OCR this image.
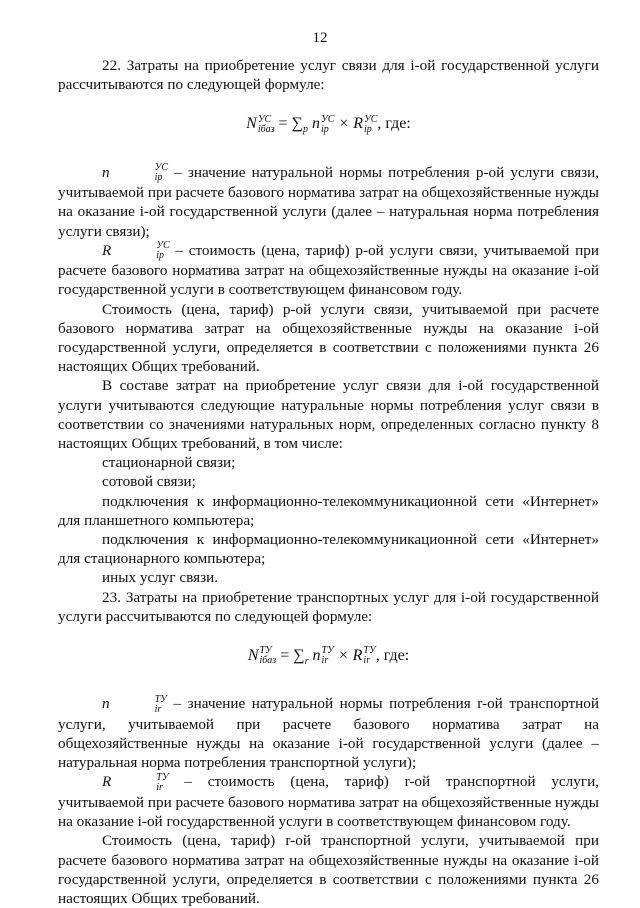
12

22. Затраты на приобретение услуг связи для i-ой государственной услуги рассчитываются по следующей формуле:

N УС
iбаз = $\sum_p$ n УС
ip × R УС
ip , где:

n	УС
ip – значение натуральной нормы потребления p-ой услуги связи, учитываемой при расчете базового норматива затрат на общехозяйственные нужды на оказание i-ой государственной услуги (далее – натуральная норма потребления услуги связи);

R	УС
ip – стоимость (цена, тариф) p-ой услуги связи, учитываемой при расчете базового норматива затрат на общехозяйственные нужды на оказание i-ой государственной услуги в соответствующем финансовом году.

Стоимость (цена, тариф) p-ой услуги связи, учитываемой при расчете базового норматива затрат на общехозяйственные нужды на оказание i-ой государственной услуги, определяется в соответствии с положениями пункта 26 настоящих Общих требований.

В составе затрат на приобретение услуг связи для i-ой государственной услуги учитываются следующие натуральные нормы потребления услуг связи в соответствии со значениями натуральных норм, определенных согласно пункту 8 настоящих Общих требований, в том числе:

стационарной связи;

сотовой связи;

подключения к информационно-телекоммуникационной сети «Интернет» для планшетного компьютера;

подключения к информационно-телекоммуникационной сети «Интернет» для стационарного компьютера;

иных услуг связи.

23. Затраты на приобретение транспортных услуг для i-ой государственной услуги рассчитываются по следующей формуле:

N ТУ
iбаз = $\sum_r$ n ТУ
ir × R ТУ
ir , где:

n	ТУ
ir – значение натуральной нормы потребления r-ой транспортной услуги, учитываемой при расчете базового норматива затрат на общехозяйственные нужды на оказание i-ой государственной услуги (далее – натуральная норма потребления транспортной услуги);

R	ТУ
ir – стоимость (цена, тариф) r-ой транспортной услуги, учитываемой при расчете базового норматива затрат на общехозяйственные нужды на оказание i-ой государственной услуги в соответствующем финансовом году.

Стоимость (цена, тариф) r-ой транспортной услуги, учитываемой при расчете базового норматива затрат на общехозяйственные нужды на оказание i-ой государственной услуги, определяется в соответствии с положениями пункта 26 настоящих Общих требований.
